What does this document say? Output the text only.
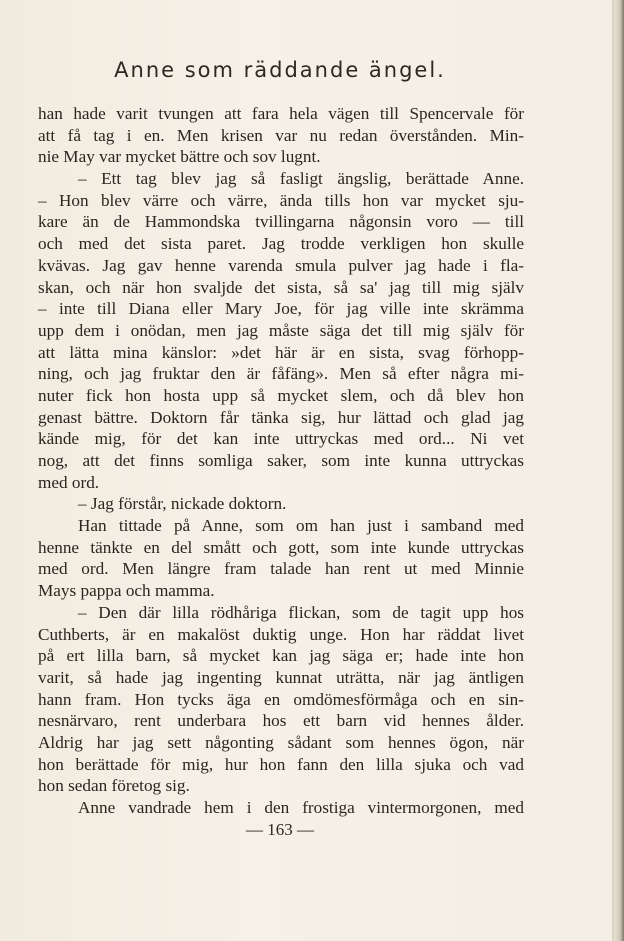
Anne som räddande ängel.
han hade varit tvungen att fara hela vägen till Spencervale för
att få tag i en. Men krisen var nu redan överstånden. Min-
nie May var mycket bättre och sov lugnt.
– Ett tag blev jag så fasligt ängslig, berättade Anne.
– Hon blev värre och värre, ända tills hon var mycket sju-
kare än de Hammondska tvillingarna någonsin voro — till
och med det sista paret. Jag trodde verkligen hon skulle
kvävas. Jag gav henne varenda smula pulver jag hade i fla-
skan, och när hon svaljde det sista, så sa' jag till mig själv
– inte till Diana eller Mary Joe, för jag ville inte skrämma
upp dem i onödan, men jag måste säga det till mig själv för
att lätta mina känslor: »det här är en sista, svag förhopp-
ning, och jag fruktar den är fåfäng». Men så efter några mi-
nuter fick hon hosta upp så mycket slem, och då blev hon
genast bättre. Doktorn får tänka sig, hur lättad och glad jag
kände mig, för det kan inte uttryckas med ord... Ni vet
nog, att det finns somliga saker, som inte kunna uttryckas
med ord.
– Jag förstår, nickade doktorn.
Han tittade på Anne, som om han just i samband med
henne tänkte en del smått och gott, som inte kunde uttryckas
med ord. Men längre fram talade han rent ut med Minnie
Mays pappa och mamma.
– Den där lilla rödhåriga flickan, som de tagit upp hos
Cuthberts, är en makalöst duktig unge. Hon har räddat livet
på ert lilla barn, så mycket kan jag säga er; hade inte hon
varit, så hade jag ingenting kunnat uträtta, när jag äntligen
hann fram. Hon tycks äga en omdömesförmåga och en sin-
nesnärvaro, rent underbara hos ett barn vid hennes ålder.
Aldrig har jag sett någonting sådant som hennes ögon, när
hon berättade för mig, hur hon fann den lilla sjuka och vad
hon sedan företog sig.
Anne vandrade hem i den frostiga vintermorgonen, med
— 163 —
